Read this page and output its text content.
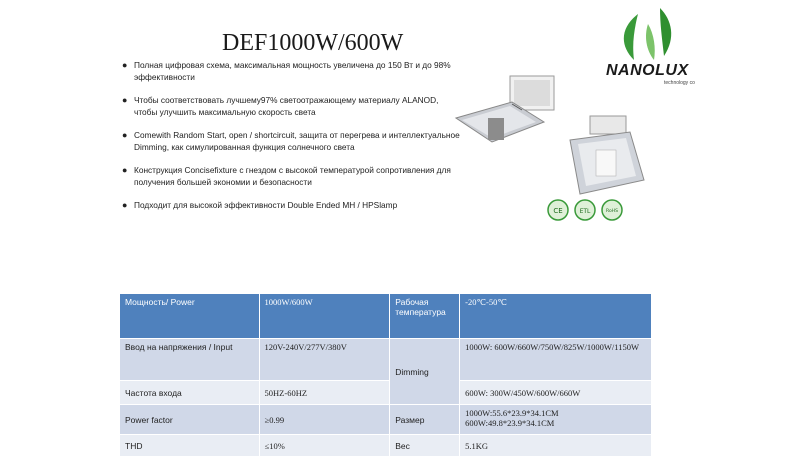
DEF1000W/600W
● Полная цифровая схема, максимальная мощность увеличена до 150 Вт и до 98% эффективности
● Чтобы соответствовать лучшему97% светоотражающему материалу ALANOD, чтобы улучшить максимальную скорость света
● Comewith Random Start, open / shortcircuit, защита от перегрева и интеллектуальное Dimming, как симулированная функция солнечного света
● Конструкция Concisefixture с гнездом с высокой температурой сопротивления для получения большей экономии и безопасности
● Подходит для высокой эффективности Double Ended MH / HPSlamp
NANOLUX
technology co
CE	ETL	RoHS
Мощность/ Power	1000W/600W	Рабочая температура	-20℃-50℃
Ввод на напряжения / Input	120V-240V/277V/380V	Dimming	1000W: 600W/660W/750W/825W/1000W/1150W
Частота входа	50HZ-60HZ		600W: 300W/450W/600W/660W
Power factor	≥0.99	Размер	1000W:55.6*23.9*34.1CM
600W:49.8*23.9*34.1CM

THD	≤10%	Вес	5.1KG
